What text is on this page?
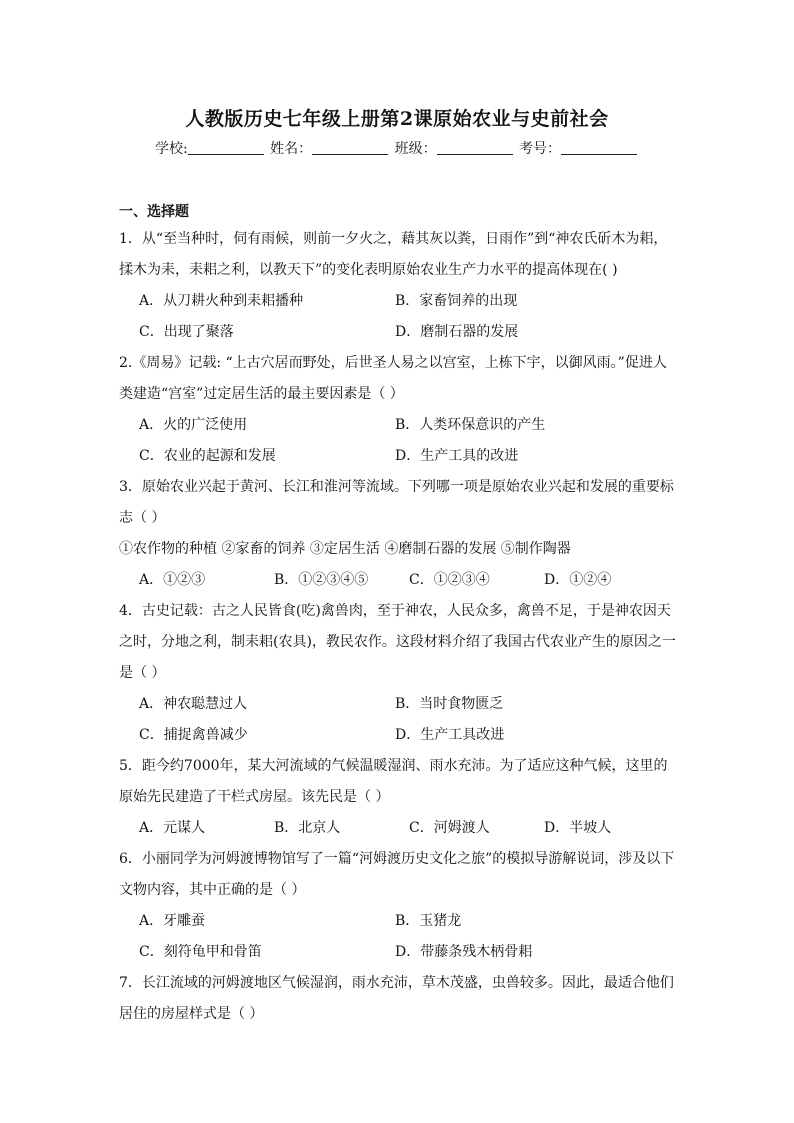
人教版历史七年级上册第2课原始农业与史前社会
学校:	姓名：	班级：	考号：
一、选择题
1．从“至当种时，伺有雨候，则前一夕火之，藉其灰以粪，日雨作”到“神农氏斫木为耜，揉木为耒，耒耜之利，以教天下”的变化表明原始农业生产力水平的提高体现在( )
A．从刀耕火种到耒耜播种	B．家畜饲养的出现
C．出现了聚落	D．磨制石器的发展
2.《周易》记载: “上古穴居而野处，后世圣人易之以宫室，上栋下宇，以御风雨。”促进人类建造“宫室”过定居生活的最主要因素是（ ）
A．火的广泛使用	B．人类环保意识的产生
C．农业的起源和发展	D．生产工具的改进
3．原始农业兴起于黄河、长江和淮河等流域。下列哪一项是原始农业兴起和发展的重要标志（ ）
①农作物的种植 ②家畜的饲养 ③定居生活 ④磨制石器的发展 ⑤制作陶器
A．①②③	B．①②③④⑤	C．①②③④	D．①②④
4．古史记载：古之人民皆食(吃)禽兽肉，至于神农，人民众多，禽兽不足，于是神农因天之时，分地之利，制耒耜(农具)，教民农作。这段材料介绍了我国古代农业产生的原因之一是（ ）
A．神农聪慧过人	B．当时食物匮乏
C．捕捉禽兽减少	D．生产工具改进
5．距今约7000年，某大河流域的气候温暖湿润、雨水充沛。为了适应这种气候，这里的原始先民建造了干栏式房屋。该先民是（ ）
A．元谋人	B．北京人	C．河姆渡人	D．半坡人
6．小丽同学为河姆渡博物馆写了一篇“河姆渡历史文化之旅”的模拟导游解说词，涉及以下文物内容，其中正确的是（ ）
A．牙雕蚕	B．玉猪龙
C．刻符龟甲和骨笛	D．带藤条残木柄骨耜
7．长江流域的河姆渡地区气候湿润，雨水充沛，草木茂盛，虫兽较多。因此，最适合他们居住的房屋样式是（ ）
